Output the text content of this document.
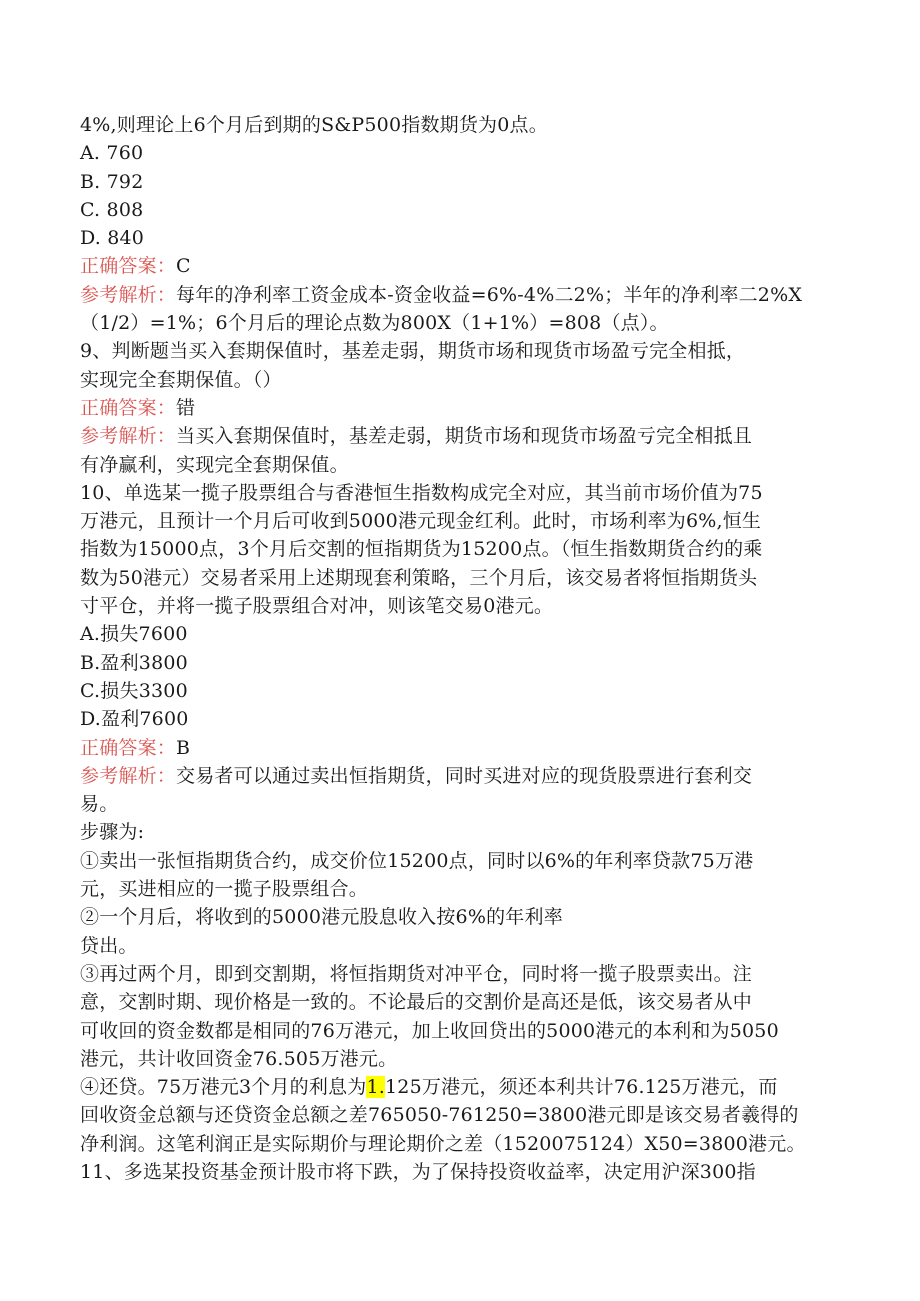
4%,则理论上6个月后到期的S&P500指数期货为0点。
A. 760
B. 792
C. 808
D. 840
正确答案：C
参考解析：每年的净利率工资金成本-资金收益=6%-4%二2%；半年的净利率二2%X
（1/2）=1%；6个月后的理论点数为800X（1+1%）=808（点）。
9、判断题当买入套期保值时，基差走弱，期货市场和现货市场盈亏完全相抵，
实现完全套期保值。（）
正确答案：错
参考解析：当买入套期保值时，基差走弱，期货市场和现货市场盈亏完全相抵且
有净赢利，实现完全套期保值。
10、单选某一揽子股票组合与香港恒生指数构成完全对应，其当前市场价值为75
万港元，且预计一个月后可收到5000港元现金红利。此时，市场利率为6%,恒生
指数为15000点，3个月后交割的恒指期货为15200点。（恒生指数期货合约的乘
数为50港元）交易者采用上述期现套利策略，三个月后，该交易者将恒指期货头
寸平仓，并将一揽子股票组合对冲，则该笔交易0港元。
A.损失7600
B.盈利3800
C.损失3300
D.盈利7600
正确答案：B
参考解析：交易者可以通过卖出恒指期货，同时买进对应的现货股票进行套利交
易。
步骤为:
①卖出一张恒指期货合约，成交价位15200点，同时以6%的年利率贷款75万港
元，买进相应的一揽子股票组合。
②一个月后，将收到的5000港元股息收入按6%的年利率
贷出。
③再过两个月，即到交割期，将恒指期货对冲平仓，同时将一揽子股票卖出。注
意，交割时期、现价格是一致的。不论最后的交割价是高还是低，该交易者从中
可收回的资金数都是相同的76万港元，加上收回贷出的5000港元的本利和为5050
港元，共计收回资金76.505万港元。
④还贷。75万港元3个月的利息为1.125万港元，须还本利共计76.125万港元，而
回收资金总额与还贷资金总额之差765050-761250=3800港元即是该交易者羲得的
净利润。这笔利润正是实际期价与理论期价之差（1520075124）X50=3800港元。
11、多选某投资基金预计股市将下跌，为了保持投资收益率，决定用沪深300指
